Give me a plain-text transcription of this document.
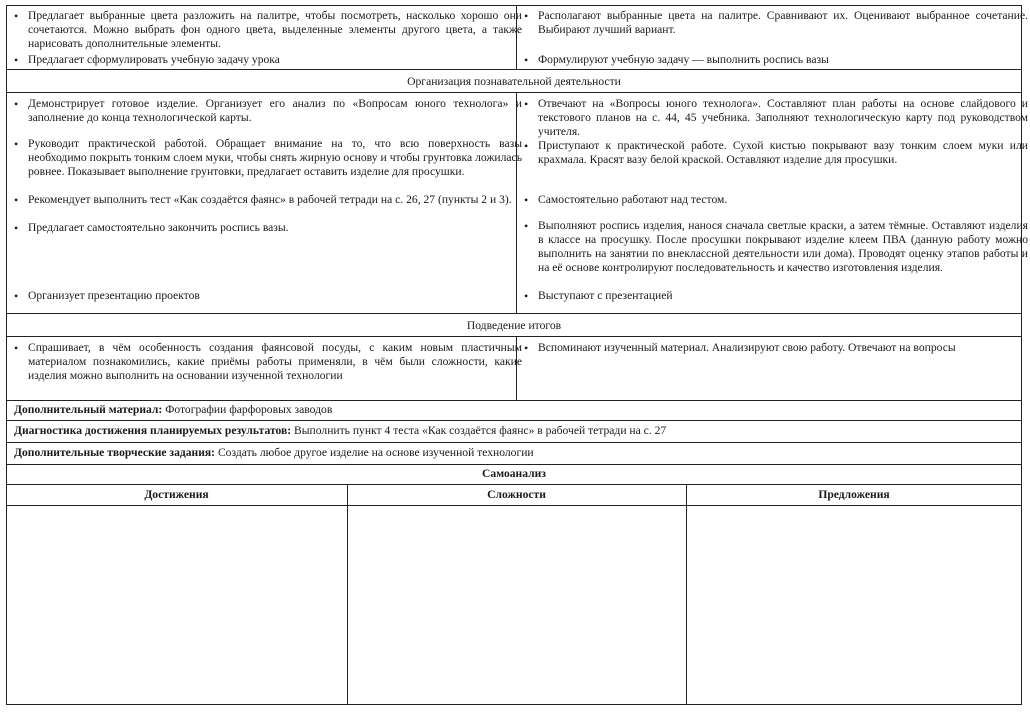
• Предлагает выбранные цвета разложить на палитре, чтобы посмотреть, насколько хорошо они сочетаются. Можно выбрать фон одного цвета, выделенные элементы другого цвета, а также нарисовать дополнительные элементы.
• Предлагает сформулировать учебную задачу урока
• Располагают выбранные цвета на палитре. Сравнивают их. Оценивают выбранное сочетание. Выбирают лучший вариант.
• Формулируют учебную задачу — выполнить роспись вазы
Организация познавательной деятельности
• Демонстрирует готовое изделие. Организует его анализ по «Вопросам юного технолога» и заполнение до конца технологической карты.
• Руководит практической работой. Обращает внимание на то, что всю поверхность вазы необходимо покрыть тонким слоем муки, чтобы снять жирную основу и чтобы грунтовка ложилась ровнее. Показывает выполнение грунтовки, предлагает оставить изделие для просушки.
• Рекомендует выполнить тест «Как создаётся фаянс» в рабочей тетради на с. 26, 27 (пункты 2 и 3).
• Предлагает самостоятельно закончить роспись вазы.
• Организует презентацию проектов
• Отвечают на «Вопросы юного технолога». Составляют план работы на основе слайдового и текстового планов на с. 44, 45 учебника. Заполняют технологическую карту под руководством учителя.
• Приступают к практической работе. Сухой кистью покрывают вазу тонким слоем муки или крахмала. Красят вазу белой краской. Оставляют изделие для просушки.
• Самостоятельно работают над тестом.
• Выполняют роспись изделия, нанося сначала светлые краски, а затем тёмные. Оставляют изделия в классе на просушку. После просушки покрывают изделие клеем ПВА (данную работу можно выполнить на занятии по внеклассной деятельности или дома). Проводят оценку этапов работы и на её основе контролируют последовательность и качество изготовления изделия.
• Выступают с презентацией
Подведение итогов
• Спрашивает, в чём особенность создания фаянсовой посуды, с каким новым пластичным материалом познакомились, какие приёмы работы применяли, в чём были сложности, какие изделия можно выполнить на основании изученной технологии
• Вспоминают изученный материал. Анализируют свою работу. Отвечают на вопросы
Дополнительный материал: Фотографии фарфоровых заводов
Диагностика достижения планируемых результатов: Выполнить пункт 4 теста «Как создаётся фаянс» в рабочей тетради на с. 27
Дополнительные творческие задания: Создать любое другое изделие на основе изученной технологии
Самоанализ
Достижения	Сложности	Предложения
